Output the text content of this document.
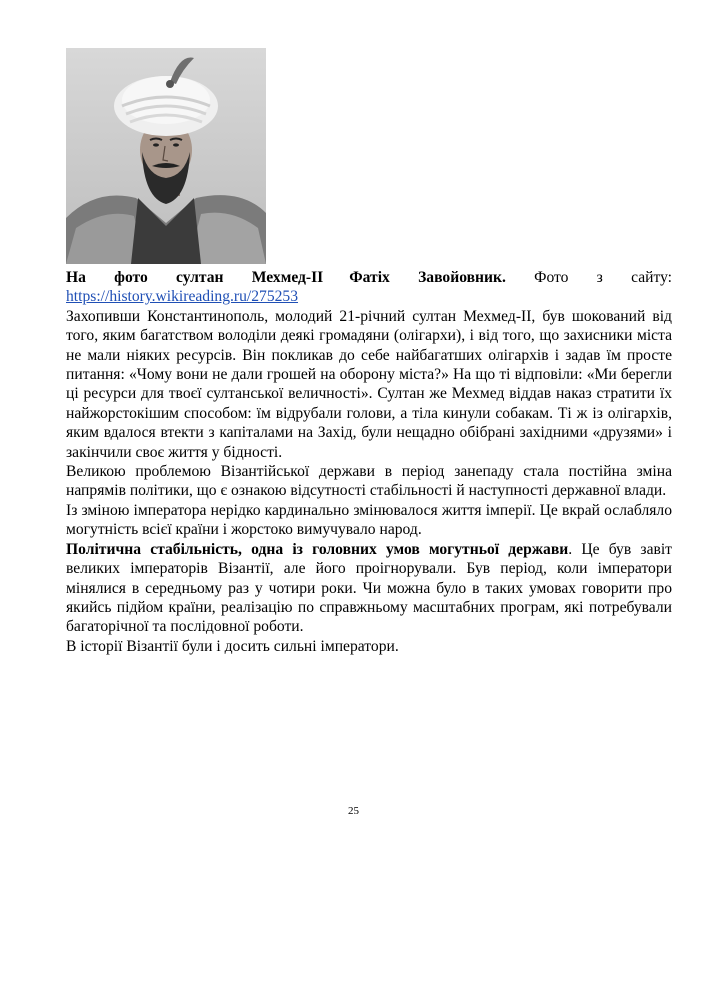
На фото султан Мехмед-II Фатіх Завойовник. Фото з сайту: https://history.wikireading.ru/275253

Захопивши Константинополь, молодий 21-річний султан Мехмед-II, був шокований від того, яким багатством володіли деякі громадяни (олігархи), і від того, що захисники міста не мали ніяких ресурсів. Він покликав до себе найбагатших олігархів і задав їм просте питання: «Чому вони не дали грошей на оборону міста?» На що ті відповіли: «Ми берегли ці ресурси для твоєї султанської величності». Султан же Мехмед віддав наказ стратити їх найжорстокішим способом: їм відрубали голови, а тіла кинули собакам. Ті ж із олігархів, яким вдалося втекти з капіталами на Захід, були нещадно обібрані західними «друзями» і закінчили своє життя у бідності.

Великою проблемою Візантійської держави в період занепаду стала постійна зміна напрямів політики, що є ознакою відсутності стабільності й наступності державної влади.

Із зміною імператора нерідко кардинально змінювалося життя імперії. Це вкрай ослабляло могутність всієї країни і жорстоко вимучувало народ.

Політична стабільність, одна із головних умов могутньої держави. Це був завіт великих імператорів Візантії, але його проігнорували. Був період, коли імператори мінялися в середньому раз у чотири роки. Чи можна було в таких умовах говорити про якийсь підйом країни, реалізацію по справжньому масштабних програм, які потребували багаторічної та послідовної роботи.

В історії Візантії були і досить сильні імператори.

25
